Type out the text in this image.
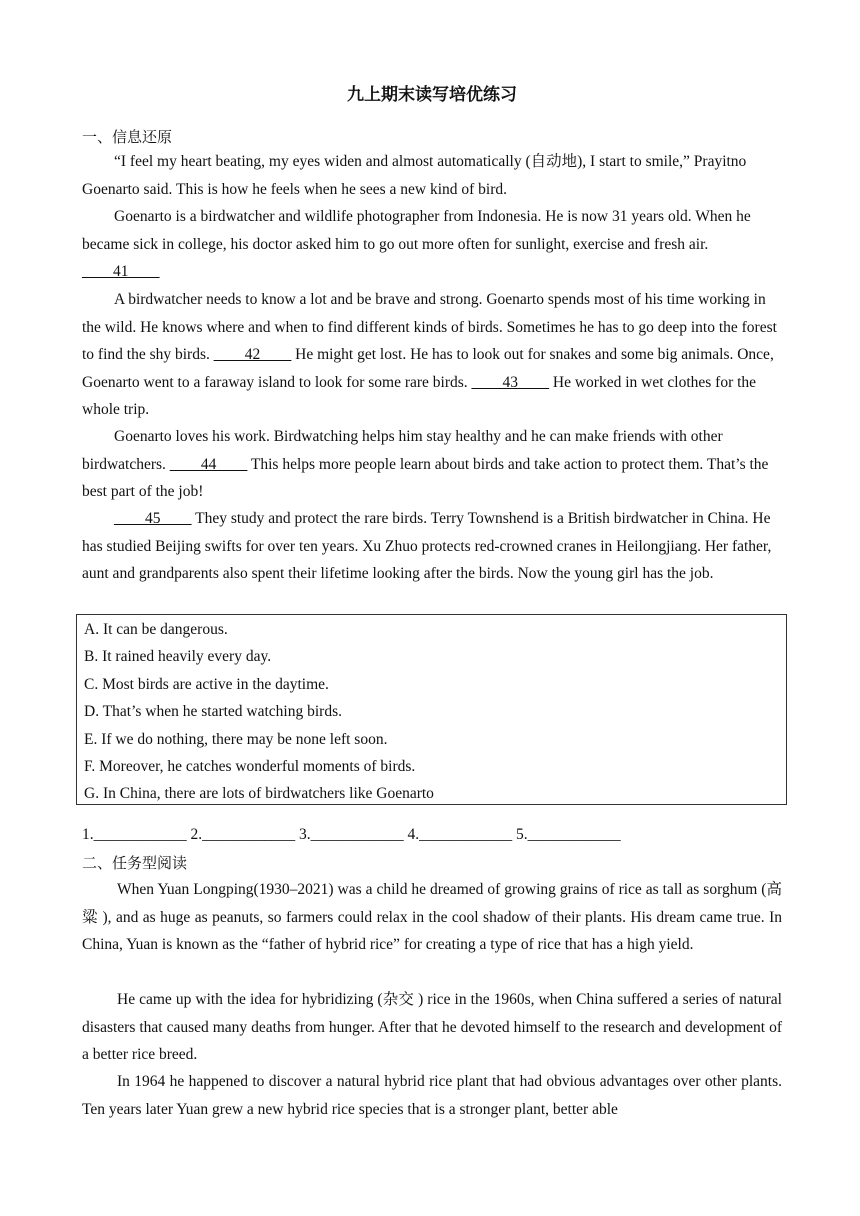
九上期末读写培优练习
一、信息还原
“I feel my heart beating, my eyes widen and almost automatically (自动地), I start to smile,” Prayitno Goenarto said. This is how he feels when he sees a new kind of bird.
Goenarto is a birdwatcher and wildlife photographer from Indonesia. He is now 31 years old. When he became sick in college, his doctor asked him to go out more often for sunlight, exercise and fresh air. ____41____
A birdwatcher needs to know a lot and be brave and strong. Goenarto spends most of his time working in the wild. He knows where and when to find different kinds of birds. Sometimes he has to go deep into the forest to find the shy birds. ____42____ He might get lost. He has to look out for snakes and some big animals. Once, Goenarto went to a faraway island to look for some rare birds. ____43____ He worked in wet clothes for the whole trip.
Goenarto loves his work. Birdwatching helps him stay healthy and he can make friends with other birdwatchers. ____44____ This helps more people learn about birds and take action to protect them. That’s the best part of the job!
____45____ They study and protect the rare birds. Terry Townshend is a British birdwatcher in China. He has studied Beijing swifts for over ten years. Xu Zhuo protects red-crowned cranes in Heilongjiang. Her father, aunt and grandparents also spent their lifetime looking after the birds. Now the young girl has the job.
A. It can be dangerous.
B. It rained heavily every day.
C. Most birds are active in the daytime.
D. That’s when he started watching birds.
E. If we do nothing, there may be none left soon.
F. Moreover, he catches wonderful moments of birds.
G. In China, there are lots of birdwatchers like Goenarto
1.____________ 2.____________ 3.____________ 4.____________ 5.____________
二、任务型阅读
When Yuan Longping(1930–2021) was a child he dreamed of growing grains of rice as tall as sorghum (高粱 ), and as huge as peanuts, so farmers could relax in the cool shadow of their plants. His dream came true. In China, Yuan is known as the “father of hybrid rice” for creating a type of rice that has a high yield.
He came up with the idea for hybridizing (杂交 ) rice in the 1960s, when China suffered a series of natural disasters that caused many deaths from hunger. After that he devoted himself to the research and development of a better rice breed.
In 1964 he happened to discover a natural hybrid rice plant that had obvious advantages over other plants. Ten years later Yuan grew a new hybrid rice species that is a stronger plant, better able
